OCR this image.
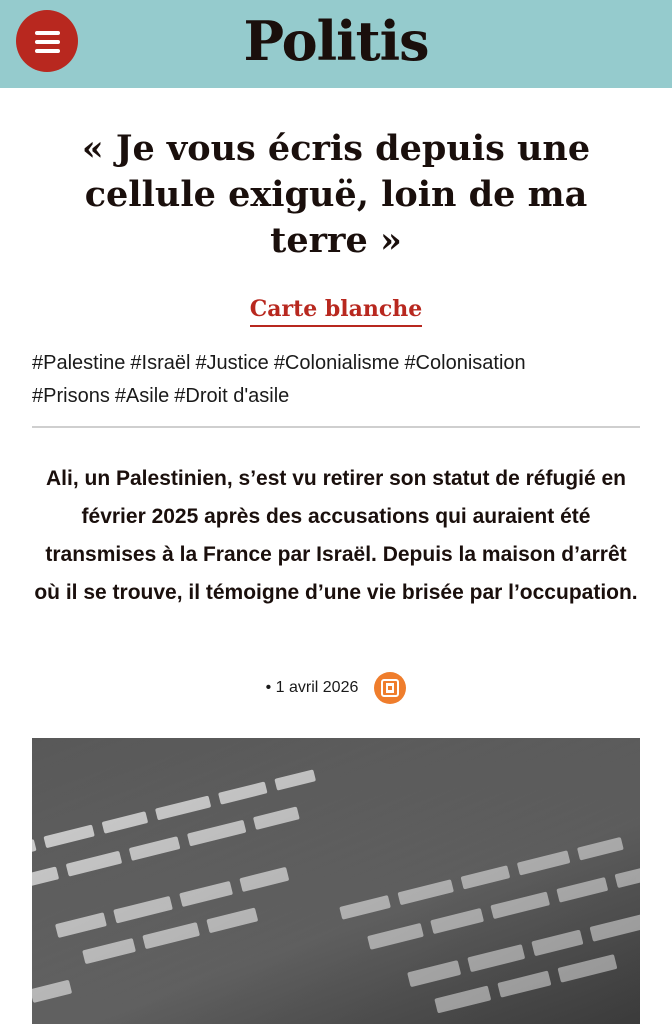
Politis
« Je vous écris depuis une cellule exiguë, loin de ma terre »
Carte blanche
#Palestine #Israël #Justice #Colonialisme #Colonisation
#Prisons #Asile #Droit d'asile

Ali, un Palestinien, s’est vu retirer son statut de réfugié en février 2025 après des accusations qui auraient été transmises à la France par Israël. Depuis la maison d’arrêt où il se trouve, il témoigne d’une vie brisée par l’occupation.

• 1 avril 2026
